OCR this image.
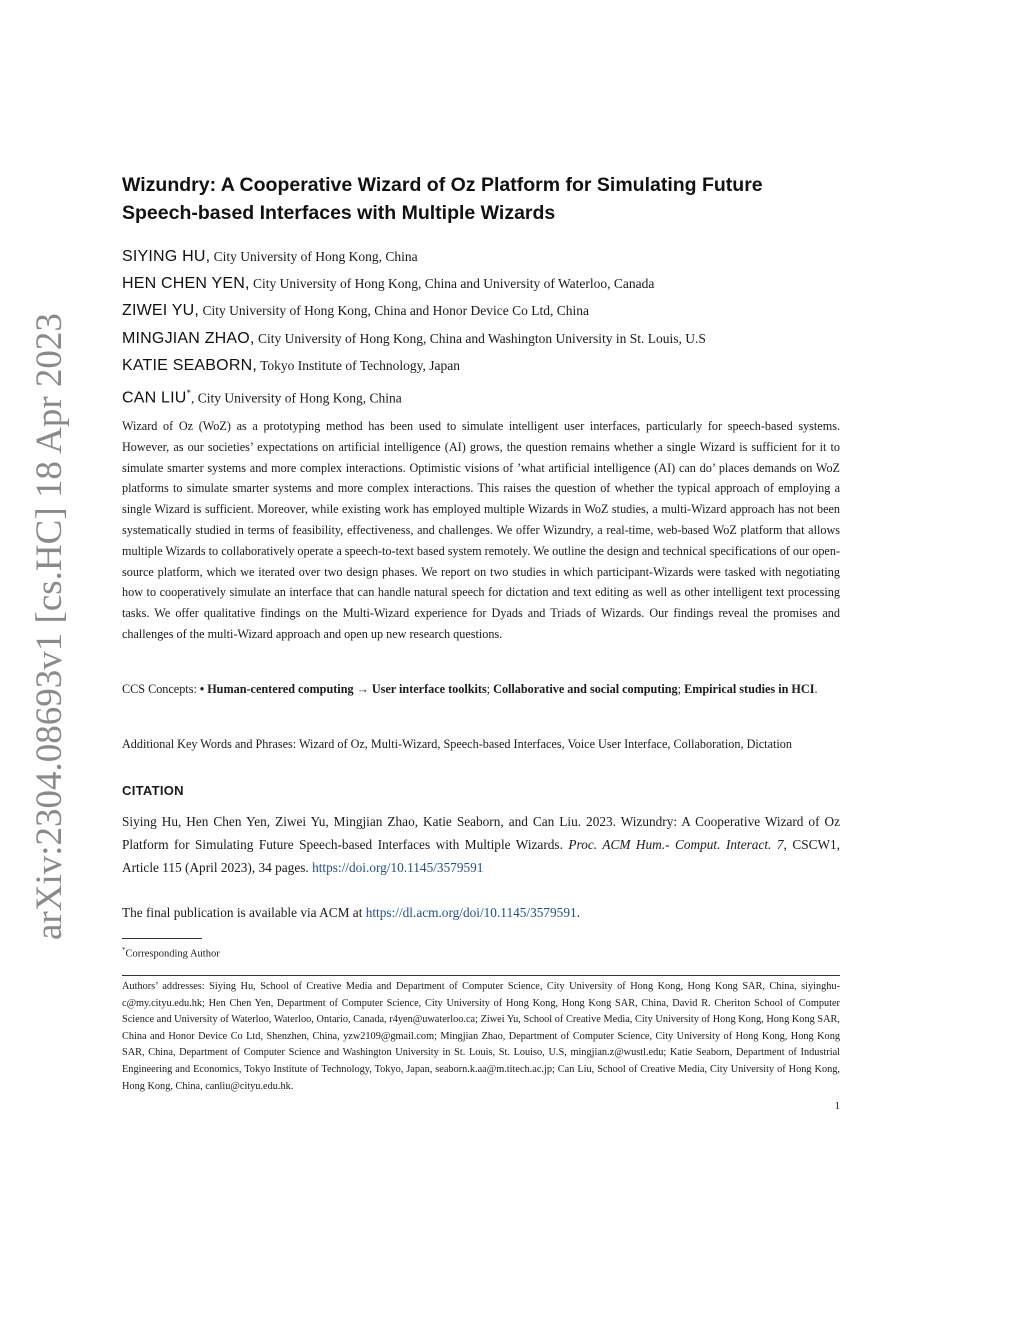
arXiv:2304.08693v1 [cs.HC] 18 Apr 2023
Wizundry: A Cooperative Wizard of Oz Platform for Simulating Future Speech-based Interfaces with Multiple Wizards
SIYING HU, City University of Hong Kong, China
HEN CHEN YEN, City University of Hong Kong, China and University of Waterloo, Canada
ZIWEI YU, City University of Hong Kong, China and Honor Device Co Ltd, China
MINGJIAN ZHAO, City University of Hong Kong, China and Washington University in St. Louis, U.S
KATIE SEABORN, Tokyo Institute of Technology, Japan
CAN LIU*, City University of Hong Kong, China

Wizard of Oz (WoZ) as a prototyping method has been used to simulate intelligent user interfaces, particularly for speech-based systems. However, as our societies’ expectations on artificial intelligence (AI) grows, the question remains whether a single Wizard is sufficient for it to simulate smarter systems and more complex interactions. Optimistic visions of ’what artificial intelligence (AI) can do’ places demands on WoZ platforms to simulate smarter systems and more complex interactions. This raises the question of whether the typical approach of employing a single Wizard is sufficient. Moreover, while existing work has employed multiple Wizards in WoZ studies, a multi-Wizard approach has not been systematically studied in terms of feasibility, effectiveness, and challenges. We offer Wizundry, a real-time, web-based WoZ platform that allows multiple Wizards to collaboratively operate a speech-to-text based system remotely. We outline the design and technical specifications of our open-source platform, which we iterated over two design phases. We report on two studies in which participant-Wizards were tasked with negotiating how to cooperatively simulate an interface that can handle natural speech for dictation and text editing as well as other intelligent text processing tasks. We offer qualitative findings on the Multi-Wizard experience for Dyads and Triads of Wizards. Our findings reveal the promises and challenges of the multi-Wizard approach and open up new research questions.

CCS Concepts: • Human-centered computing → User interface toolkits; Collaborative and social computing; Empirical studies in HCI.
Additional Key Words and Phrases: Wizard of Oz, Multi-Wizard, Speech-based Interfaces, Voice User Interface, Collaboration, Dictation
CITATION
Siying Hu, Hen Chen Yen, Ziwei Yu, Mingjian Zhao, Katie Seaborn, and Can Liu. 2023. Wizundry: A Cooperative Wizard of Oz Platform for Simulating Future Speech-based Interfaces with Multiple Wizards. Proc. ACM Hum.- Comput. Interact. 7, CSCW1, Article 115 (April 2023), 34 pages. https://doi.org/10.1145/3579591
The final publication is available via ACM at https://dl.acm.org/doi/10.1145/3579591.
*Corresponding Author
Authors’ addresses: Siying Hu, School of Creative Media and Department of Computer Science, City University of Hong Kong, Hong Kong SAR, China, siyinghu-c@my.cityu.edu.hk; Hen Chen Yen, Department of Computer Science, City University of Hong Kong, Hong Kong SAR, China, David R. Cheriton School of Computer Science and University of Waterloo, Waterloo, Ontario, Canada, r4yen@uwaterloo.ca; Ziwei Yu, School of Creative Media, City University of Hong Kong, Hong Kong SAR, China and Honor Device Co Ltd, Shenzhen, China, yzw2109@gmail.com; Mingjian Zhao, Department of Computer Science, City University of Hong Kong, Hong Kong SAR, China, Department of Computer Science and Washington University in St. Louis, St. Louiso, U.S, mingjian.z@wustl.edu; Katie Seaborn, Department of Industrial Engineering and Economics, Tokyo Institute of Technology, Tokyo, Japan, seaborn.k.aa@m.titech.ac.jp; Can Liu, School of Creative Media, City University of Hong Kong, Hong Kong, China, canliu@cityu.edu.hk.
1
